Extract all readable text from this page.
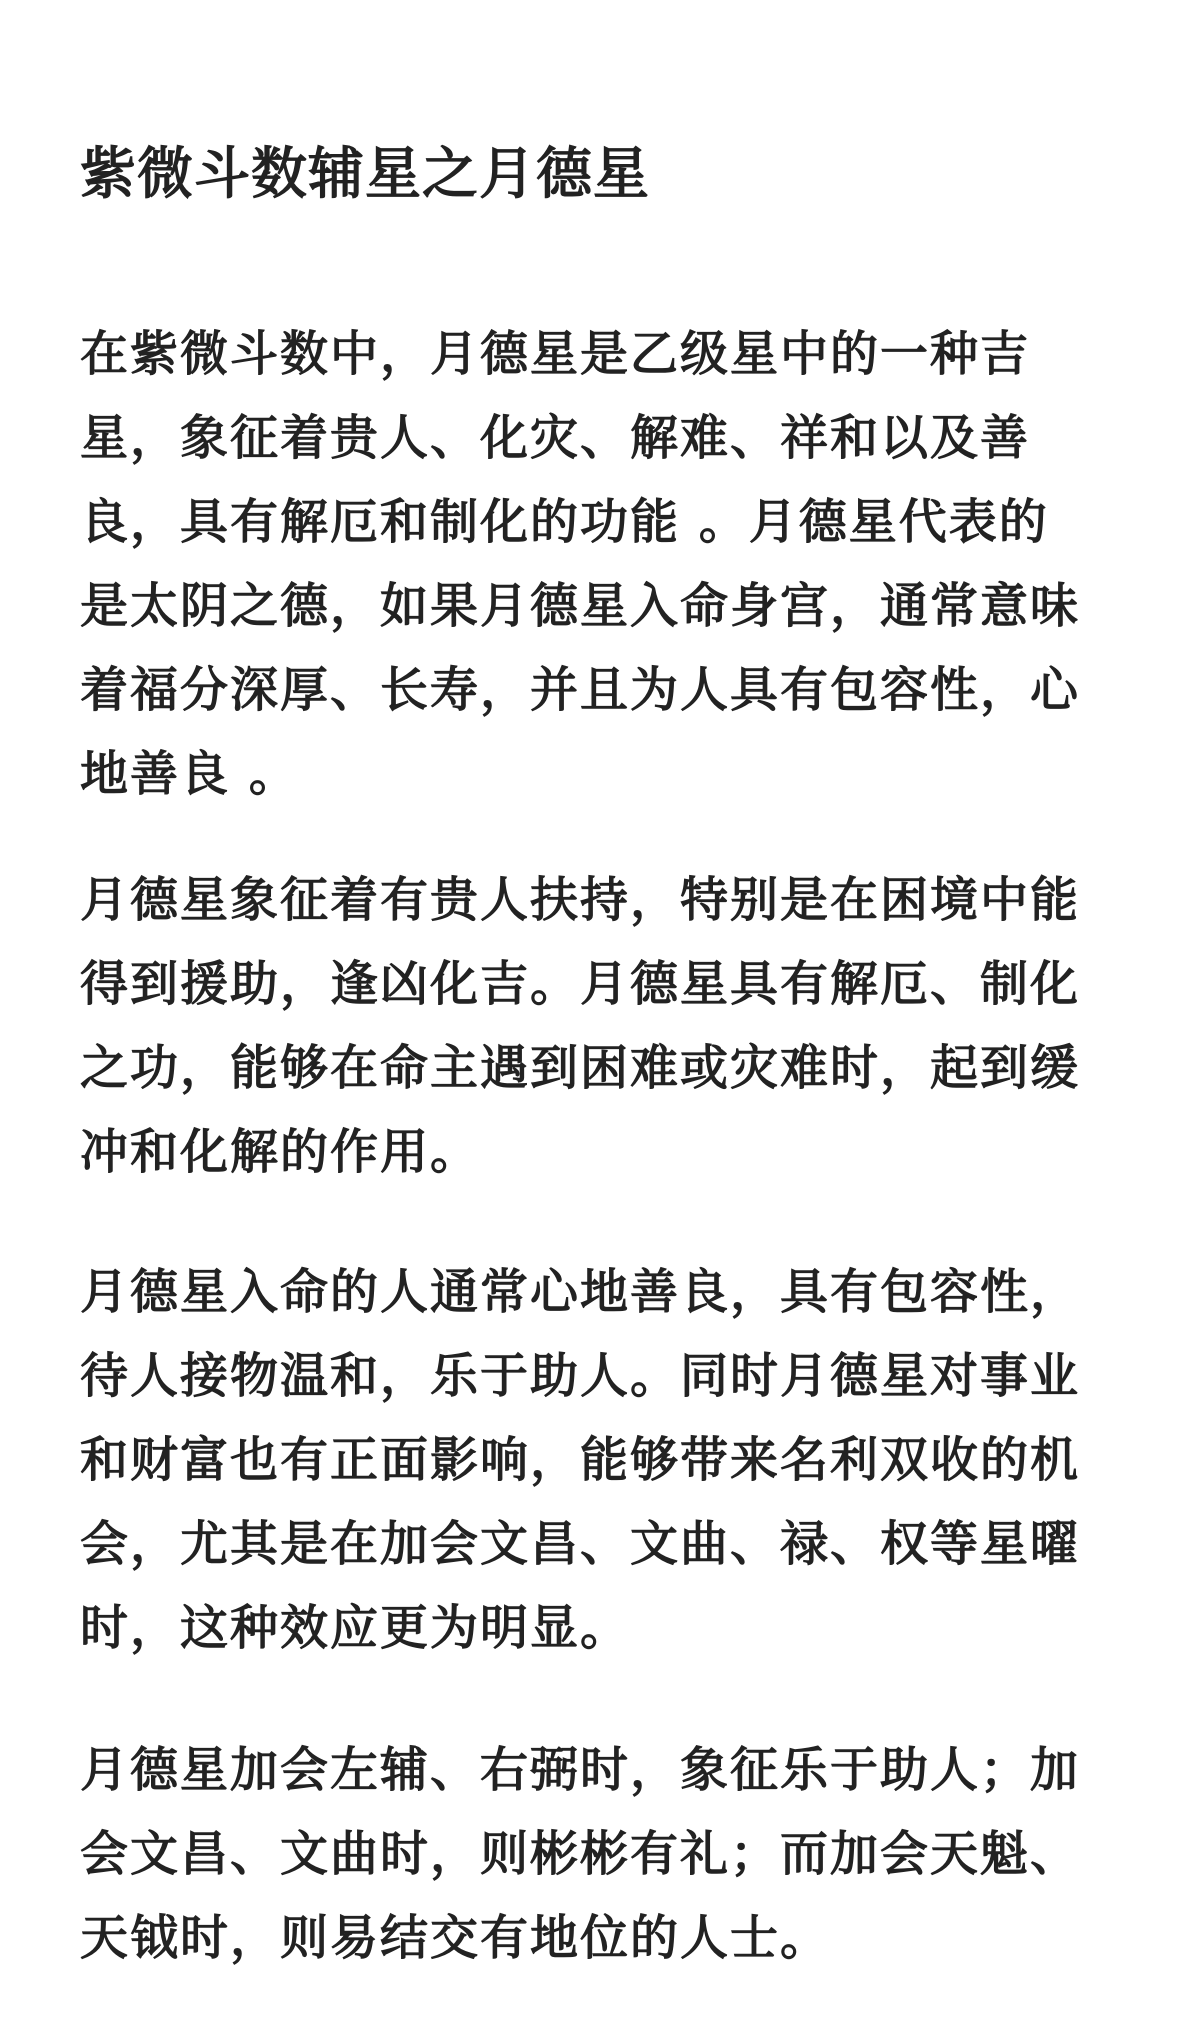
紫微斗数辅星之月德星

在紫微斗数中，月德星是乙级星中的一种吉
星，象征着贵人、化灾、解难、祥和以及善
良，具有解厄和制化的功能 。月德星代表的
是太阴之德，如果月德星入命身宫，通常意味
着福分深厚、长寿，并且为人具有包容性，心
地善良 。

月德星象征着有贵人扶持，特别是在困境中能
得到援助，逢凶化吉。月德星具有解厄、制化
之功，能够在命主遇到困难或灾难时，起到缓
冲和化解的作用。

月德星入命的人通常心地善良，具有包容性，
待人接物温和，乐于助人。同时月德星对事业
和财富也有正面影响，能够带来名利双收的机
会，尤其是在加会文昌、文曲、禄、权等星曜
时，这种效应更为明显。

月德星加会左辅、右弼时，象征乐于助人；加
会文昌、文曲时，则彬彬有礼；而加会天魁、
天钺时，则易结交有地位的人士。
